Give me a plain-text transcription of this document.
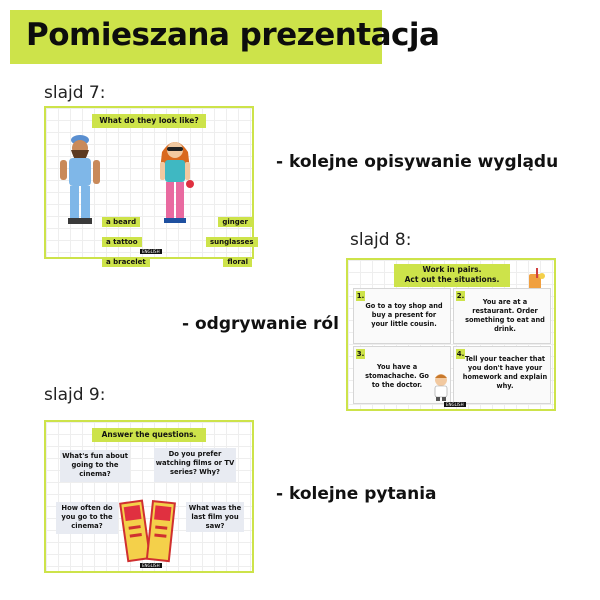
Pomieszana prezentacja
slajd 7:
What do they look like?
a beard
a tattoo
a bracelet
ginger
sunglasses
floral
ENGLISH
- kolejne opisywanie wyglądu
slajd 8:
Work in pairs.
Act out the situations.
1.
Go to a toy shop and buy a present for your little cousin.
2.
You are at a restaurant. Order something to eat and drink.
3.
You have a stomachache. Go to the doctor.
4.
Tell your teacher that you don't have your homework and explain why.
ENGLISH
- odgrywanie ról
slajd 9:
Answer the questions.
What's fun about going to the cinema?
Do you prefer watching films or TV series? Why?
How often do you go to the cinema?
What was the last film you saw?
ENGLISH
- kolejne pytania
